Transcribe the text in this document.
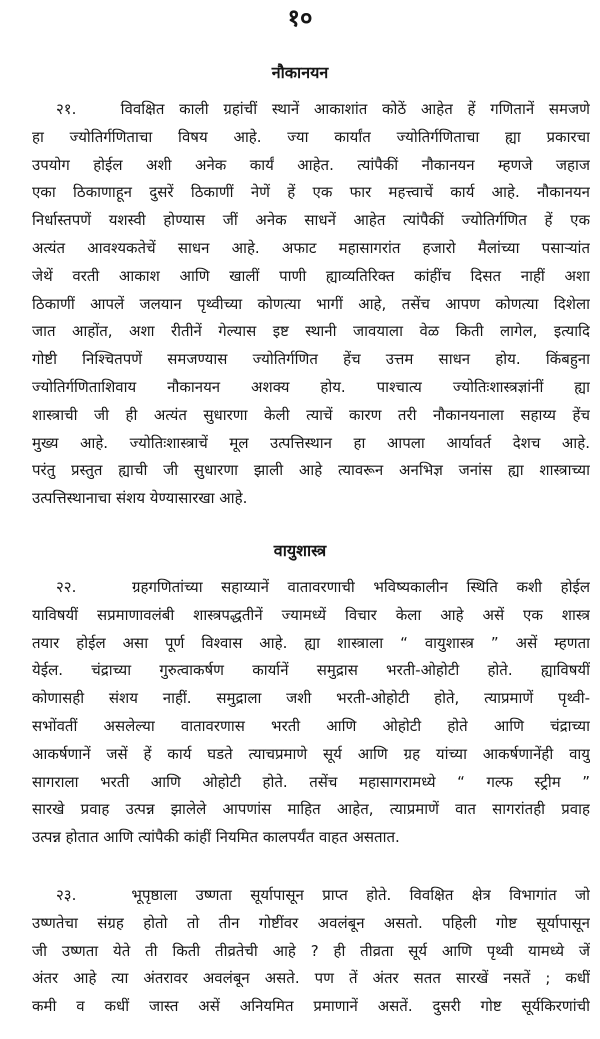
१०
नौकानयन
२१.	विवक्षित काली ग्रहांचीं स्थानें आकाशांत कोठें आहेत हें गणितानें समजणे
हा ज्योतिर्गणिताचा विषय आहे. ज्या कार्यांत ज्योतिर्गणिताचा ह्या प्रकारचा
उपयोग होईल अशी अनेक कार्यं आहेत. त्यांपैकीं नौकानयन म्हणजे जहाज
एका ठिकाणाहून दुसरें ठिकाणीं नेणें हें एक फार महत्त्वाचें कार्य आहे. नौकानयन
निर्धास्तपणें यशस्वी होण्यास जीं अनेक साधनें आहेत त्यांपैकीं ज्योतिर्गणित हें एक
अत्यंत आवश्यकतेचें साधन आहे. अफाट महासागरांत हजारो मैलांच्या पसाऱ्यांत
जेथें वरती आकाश आणि खालीं पाणी ह्याव्यतिरिक्त कांहींच दिसत नाहीं अशा
ठिकाणीं आपलें जलयान पृथ्वीच्या कोणत्या भागीं आहे, तसेंच आपण कोणत्या दिशेला
जात आहोंत, अशा रीतीनें गेल्यास इष्ट स्थानी जावयाला वेळ किती लागेल, इत्यादि
गोष्टी निश्चितपणें समजण्यास ज्योतिर्गणित हेंच उत्तम साधन होय. किंबहुना
ज्योतिर्गणिताशिवाय नौकानयन अशक्य होय. पाश्चात्य ज्योतिःशास्त्रज्ञांनीं ह्या
शास्त्राची जी ही अत्यंत सुधारणा केली त्याचें कारण तरी नौकानयनाला सहाय्य हेंच
मुख्य आहे. ज्योतिःशास्त्राचें मूल उत्पत्तिस्थान हा आपला आर्यावर्त देशच आहे.
परंतु प्रस्तुत ह्याची जी सुधारणा झाली आहे त्यावरून अनभिज्ञ जनांस ह्या शास्त्राच्या
उत्पत्तिस्थानाचा संशय येण्यासारखा आहे.
वायुशास्त्र
२२.	ग्रहगणितांच्या सहाय्यानें वातावरणाची भविष्यकालीन स्थिति कशी होईल
याविषयीं सप्रमाणावलंबी शास्त्रपद्धतीनें ज्यामध्यें विचार केला आहे असें एक शास्त्र
तयार होईल असा पूर्ण विश्वास आहे. ह्या शास्त्राला “ वायुशास्त्र ” असें म्हणता
येईल. चंद्राच्या गुरुत्वाकर्षण कार्यानें समुद्रास भरती-ओहोटी होते. ह्याविषयीं
कोणासही संशय नाहीं. समुद्राला जशी भरती-ओहोटी होते, त्याप्रमाणें पृथ्वी-
सभोंवतीं असलेल्या वातावरणास भरती आणि ओहोटी होते आणि चंद्राच्या
आकर्षणानें जसें हें कार्य घडते त्याचप्रमाणे सूर्य आणि ग्रह यांच्या आकर्षणानेंही वायु
सागराला भरती आणि ओहोटी होते. तसेंच महासागरामध्ये “ गल्फ स्ट्रीम ”
सारखे प्रवाह उत्पन्न झालेले आपणांस माहित आहेत, त्याप्रमाणें वात सागरांतही प्रवाह
उत्पन्न होतात आणि त्यांपैकी कांहीं नियमित कालपर्यंत वाहत असतात.
२३.	भूपृष्ठाला उष्णता सूर्यापासून प्राप्त होते. विवक्षित क्षेत्र विभागांत जो
उष्णतेचा संग्रह होतो तो तीन गोष्टींवर अवलंबून असतो. पहिली गोष्ट सूर्यापासून
जी उष्णता येते ती किती तीव्रतेची आहे ? ही तीव्रता सूर्य आणि पृथ्वी यामध्ये जें
अंतर आहे त्या अंतरावर अवलंबून असते. पण तें अंतर सतत सारखें नसतें ; कधीं
कमी व कधीं जास्त असें अनियमित प्रमाणानें असतें. दुसरी गोष्ट सूर्यकिरणांची
